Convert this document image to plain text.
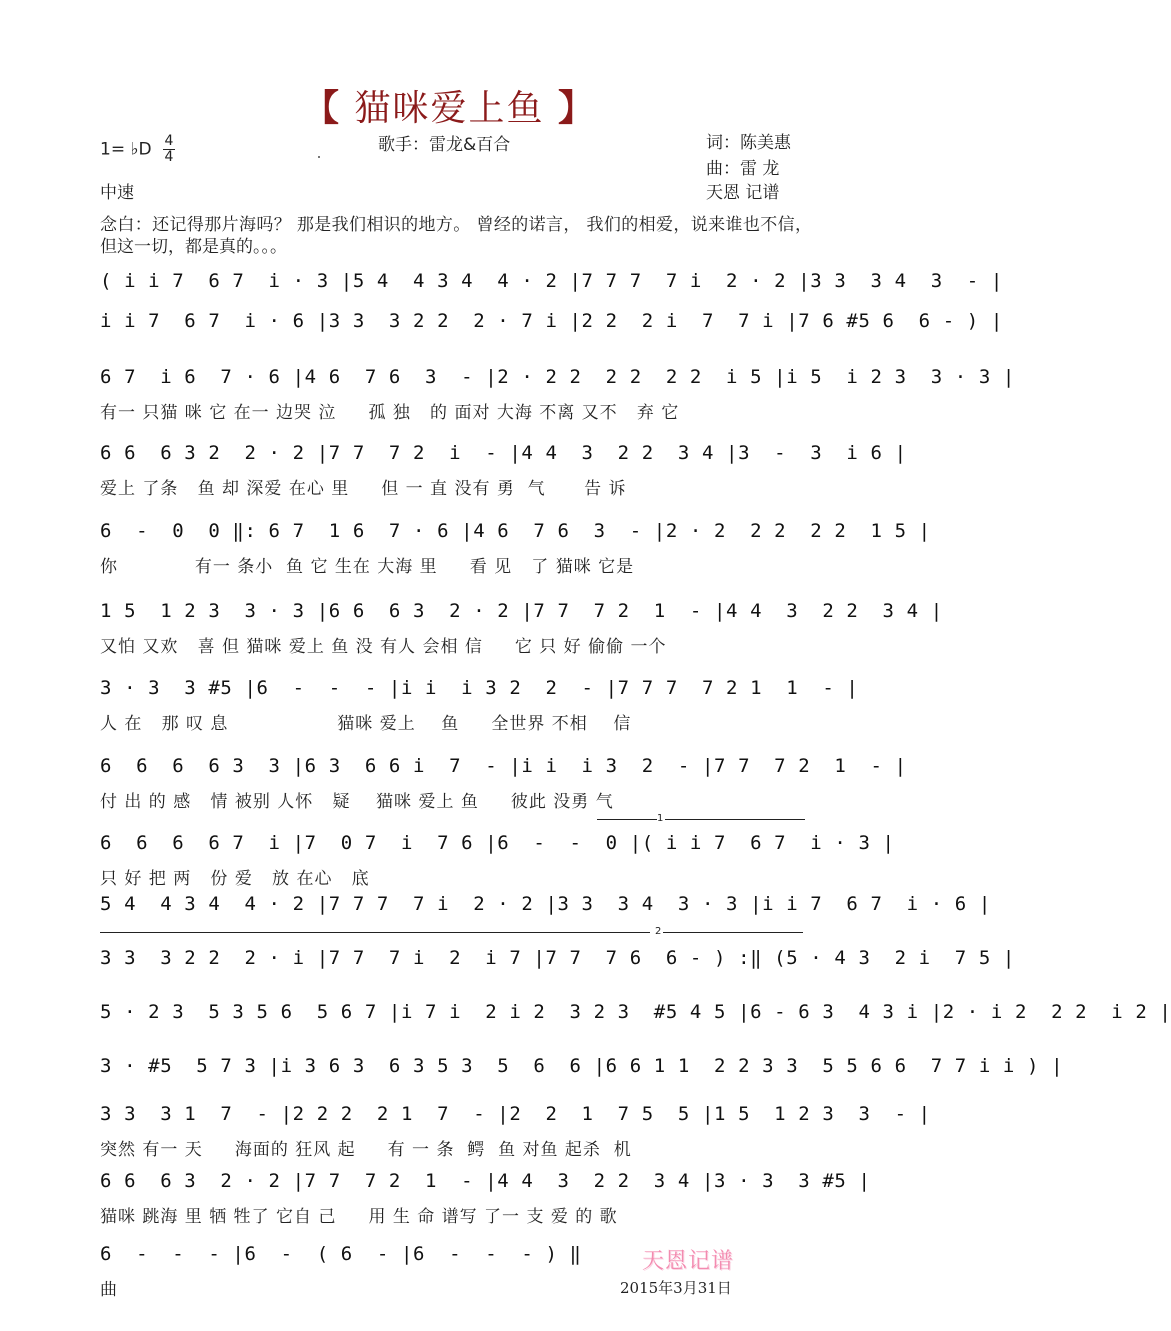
【 猫咪爱上鱼 】
1= ♭D $\frac{4}{4}$	歌手：雷龙&百合	词：陈美惠
曲：雷 龙
天恩 记谱
中速
念白：还记得那片海吗？ 那是我们相识的地方。 曾经的诺言， 我们的相爱，说来谁也不信，但这一切，都是真的。。。
( i i 7  6 7  i · 3 |5 4  4 3 4  4 · 2 |7 7 7  7 i  2 · 2 |3 3  3 4  3  - |
i i 7  6 7  i · 6 |3 3  3 2 2  2 · 7 i |2 2  2 i  7  7 i |7 6 #5 6  6 - ) |
6 7  i 6  7 · 6 |4 6  7 6  3  - |2 · 2 2  2 2  2 2  i 5 |i 5  i 2 3  3 · 3 |
有一 只猫 咪 它 在一 边哭 泣     孤 独   的 面对 大海 不离 又不   弃 它
6 6  6 3 2  2 · 2 |7 7  7 2  i  - |4 4  3  2 2  3 4 |3  -  3  i 6 |
爱上 了条   鱼 却 深爱 在心 里     但 一 直 没有 勇  气      告 诉
6  -  0  0 ‖: 6 7  1 6  7 · 6 |4 6  7 6  3  - |2 · 2  2 2  2 2  1 5 |
你            有一 条小  鱼 它 生在 大海 里     看 见   了 猫咪 它是
1 5  1 2 3  3 · 3 |6 6  6 3  2 · 2 |7 7  7 2  1  - |4 4  3  2 2  3 4 |
又怕 又欢   喜 但 猫咪 爱上 鱼 没 有人 会相 信     它 只 好 偷偷 一个
3 · 3  3 #5 |6  -  -  - |i i  i 3 2  2  - |7 7 7  7 2 1  1  - |
人 在   那 叹 息                 猫咪 爱上    鱼     全世界 不相    信
6  6  6  6 3  3 |6 3  6 6 i  7  - |i i  i 3  2  - |7 7  7 2  1  - |
付 出 的 感   情 被别 人怀   疑    猫咪 爱上 鱼     彼此 没勇 气
6  6  6  6 7  i |7  0 7  i  7 6 |6  -  -  0 |( i i 7  6 7  i · 3 |
只 好 把 两   份 爱   放 在心   底
5 4  4 3 4  4 · 2 |7 7 7  7 i  2 · 2 |3 3  3 4  3 · 3 |i i 7  6 7  i · 6 |
3 3  3 2 2  2 · i |7 7  7 i  2  i 7 |7 7  7 6  6 - ) :‖ (5 · 4 3  2 i  7 5 |
5 · 2 3  5 3 5 6  5 6 7 |i 7 i  2 i 2  3 2 3  #5 4 5 |6 - 6 3  4 3 i |2 · i 2  2 2  i 2 |
3 · #5  5 7 3 |i 3 6 3  6 3 5 3  5  6  6 |6 6 1 1  2 2 3 3  5 5 6 6  7 7 i i ) |
3 3  3 1  7  - |2 2 2  2 1  7  - |2  2  1  7 5  5 |1 5  1 2 3  3  - |
突然 有一 天     海面的 狂风 起     有 一 条  鳄  鱼 对鱼 起杀  机
6 6  6 3  2 · 2 |7 7  7 2  1  - |4 4  3  2 2  3 4 |3 · 3  3 #5 |
猫咪 跳海 里 牺 牲了 它自 己     用 生 命 谱写 了一 支 爱 的 歌
6  -  -  - |6  -  ( 6  - |6  -  -  - ) ‖
曲
1
2
天恩记谱
2015年3月31日
